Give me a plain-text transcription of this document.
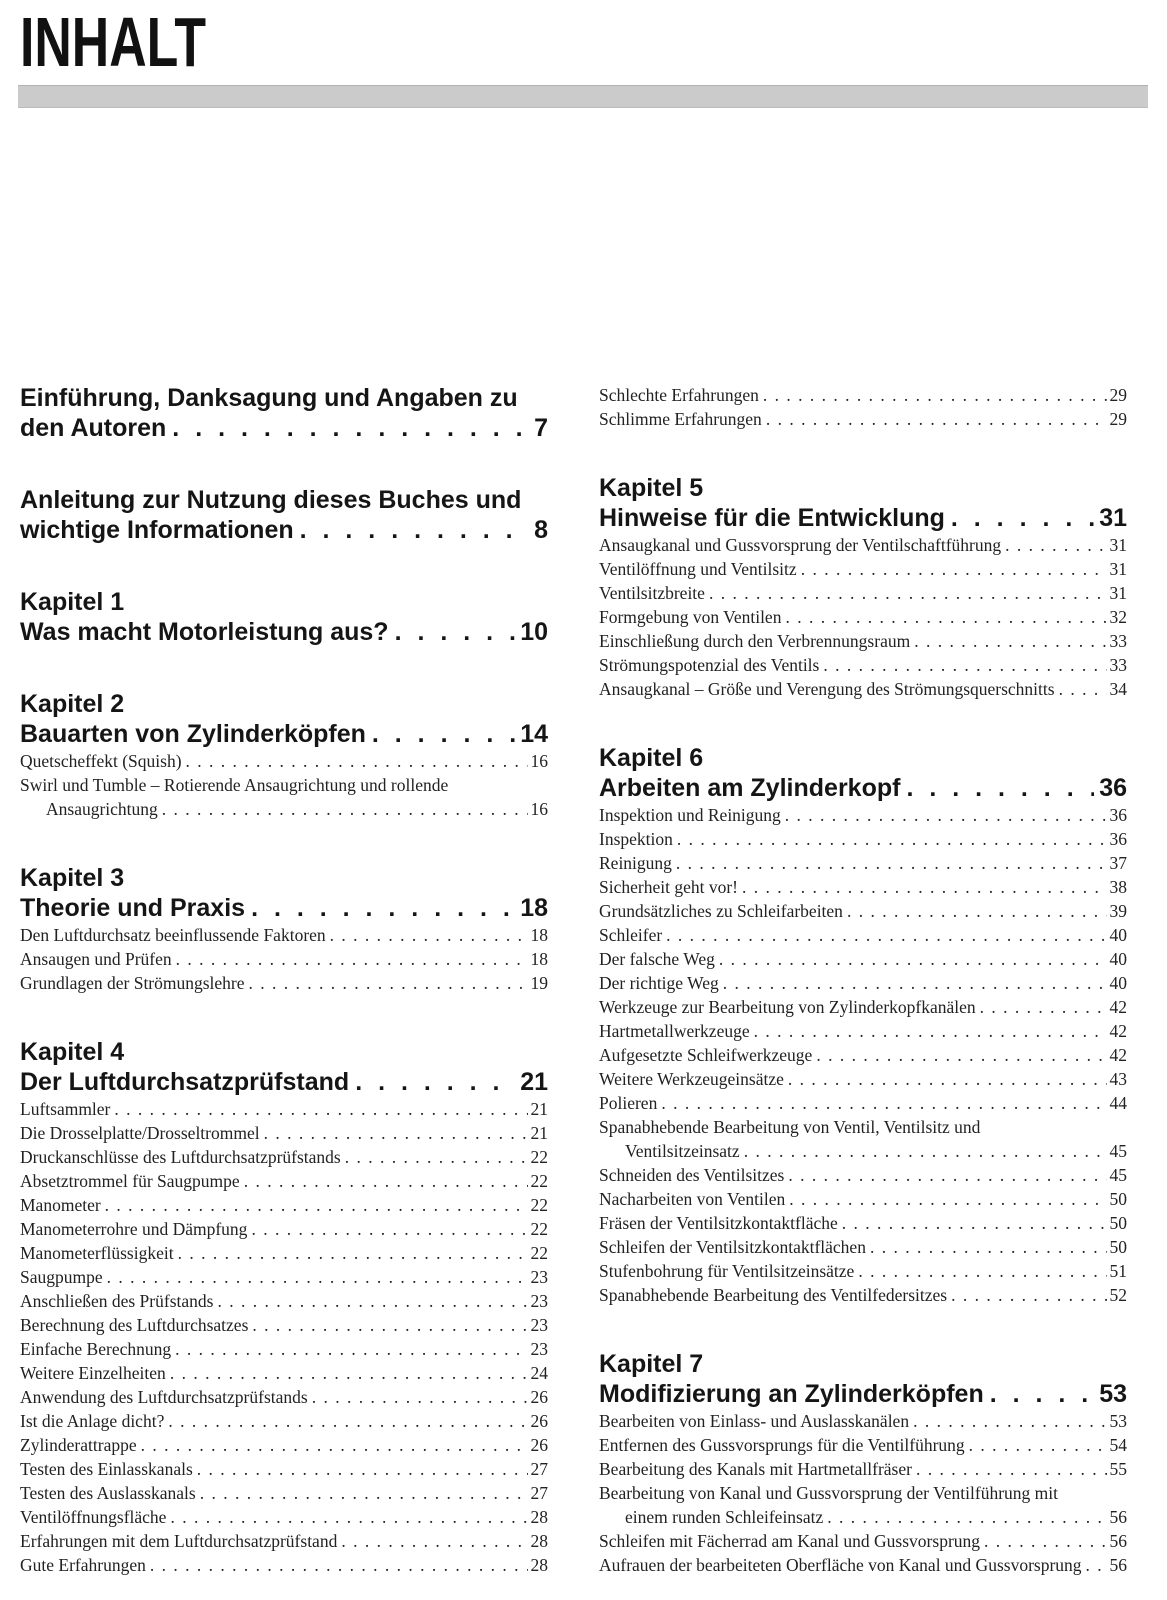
INHALT
Einführung, Danksagung und Angaben zu
den Autoren . . .	7
Anleitung zur Nutzung dieses Buches und
wichtige Informationen . . .	8
Kapitel 1
Was macht Motorleistung aus? . . .	10
Kapitel 2
Bauarten von Zylinderköpfen . . .	14
Quetscheffekt (Squish) . . .	16
Swirl und Tumble – Rotierende Ansaugrichtung und rollende
Ansaugrichtung . . .	16
Kapitel 3
Theorie und Praxis . . .	18
Den Luftdurchsatz beeinflussende Faktoren . . .	18
Ansaugen und Prüfen . . .	18
Grundlagen der Strömungslehre . . .	19
Kapitel 4
Der Luftdurchsatzprüfstand . . .	21
Luftsammler . . .	21
Die Drosselplatte/Drosseltrommel . . .	21
Druckanschlüsse des Luftdurchsatzprüfstands . . .	22
Absetztrommel für Saugpumpe . . .	22
Manometer . . .	22
Manometerrohre und Dämpfung . . .	22
Manometerflüssigkeit . . .	22
Saugpumpe . . .	23
Anschließen des Prüfstands . . .	23
Berechnung des Luftdurchsatzes . . .	23
Einfache Berechnung . . .	23
Weitere Einzelheiten . . .	24
Anwendung des Luftdurchsatzprüfstands . . .	26
Ist die Anlage dicht? . . .	26
Zylinderattrappe . . .	26
Testen des Einlasskanals . . .	27
Testen des Auslasskanals . . .	27
Ventilöffnungsfläche . . .	28
Erfahrungen mit dem Luftdurchsatzprüfstand . . .	28
Gute Erfahrungen . . .	28
Schlechte Erfahrungen . . .	29
Schlimme Erfahrungen . . .	29
Kapitel 5
Hinweise für die Entwicklung . . .	31
Ansaugkanal und Gussvorsprung der Ventilschaftführung . . .	31
Ventilöffnung und Ventilsitz . . .	31
Ventilsitzbreite . . .	31
Formgebung von Ventilen . . .	32
Einschließung durch den Verbrennungsraum . . .	33
Strömungspotenzial des Ventils . . .	33
Ansaugkanal – Größe und Verengung des Strömungsquerschnitts . . .	34
Kapitel 6
Arbeiten am Zylinderkopf . . .	36
Inspektion und Reinigung . . .	36
Inspektion . . .	36
Reinigung . . .	37
Sicherheit geht vor! . . .	38
Grundsätzliches zu Schleifarbeiten . . .	39
Schleifer . . .	40
Der falsche Weg . . .	40
Der richtige Weg . . .	40
Werkzeuge zur Bearbeitung von Zylinderkopfkanälen . . .	42
Hartmetallwerkzeuge . . .	42
Aufgesetzte Schleifwerkzeuge . . .	42
Weitere Werkzeugeinsätze . . .	43
Polieren . . .	44
Spanabhebende Bearbeitung von Ventil, Ventilsitz und
Ventilsitzeinsatz . . .	45
Schneiden des Ventilsitzes . . .	45
Nacharbeiten von Ventilen . . .	50
Fräsen der Ventilsitzkontaktfläche . . .	50
Schleifen der Ventilsitzkontaktflächen . . .	50
Stufenbohrung für Ventilsitzeinsätze . . .	51
Spanabhebende Bearbeitung des Ventilfedersitzes . . .	52
Kapitel 7
Modifizierung an Zylinderköpfen . . .	53
Bearbeiten von Einlass- und Auslasskanälen . . .	53
Entfernen des Gussvorsprungs für die Ventilführung . . .	54
Bearbeitung des Kanals mit Hartmetallfräser . . .	55
Bearbeitung von Kanal und Gussvorsprung der Ventilführung mit
einem runden Schleifeinsatz . . .	56
Schleifen mit Fächerrad am Kanal und Gussvorsprung . . .	56
Aufrauen der bearbeiteten Oberfläche von Kanal und Gussvorsprung . . . 56
